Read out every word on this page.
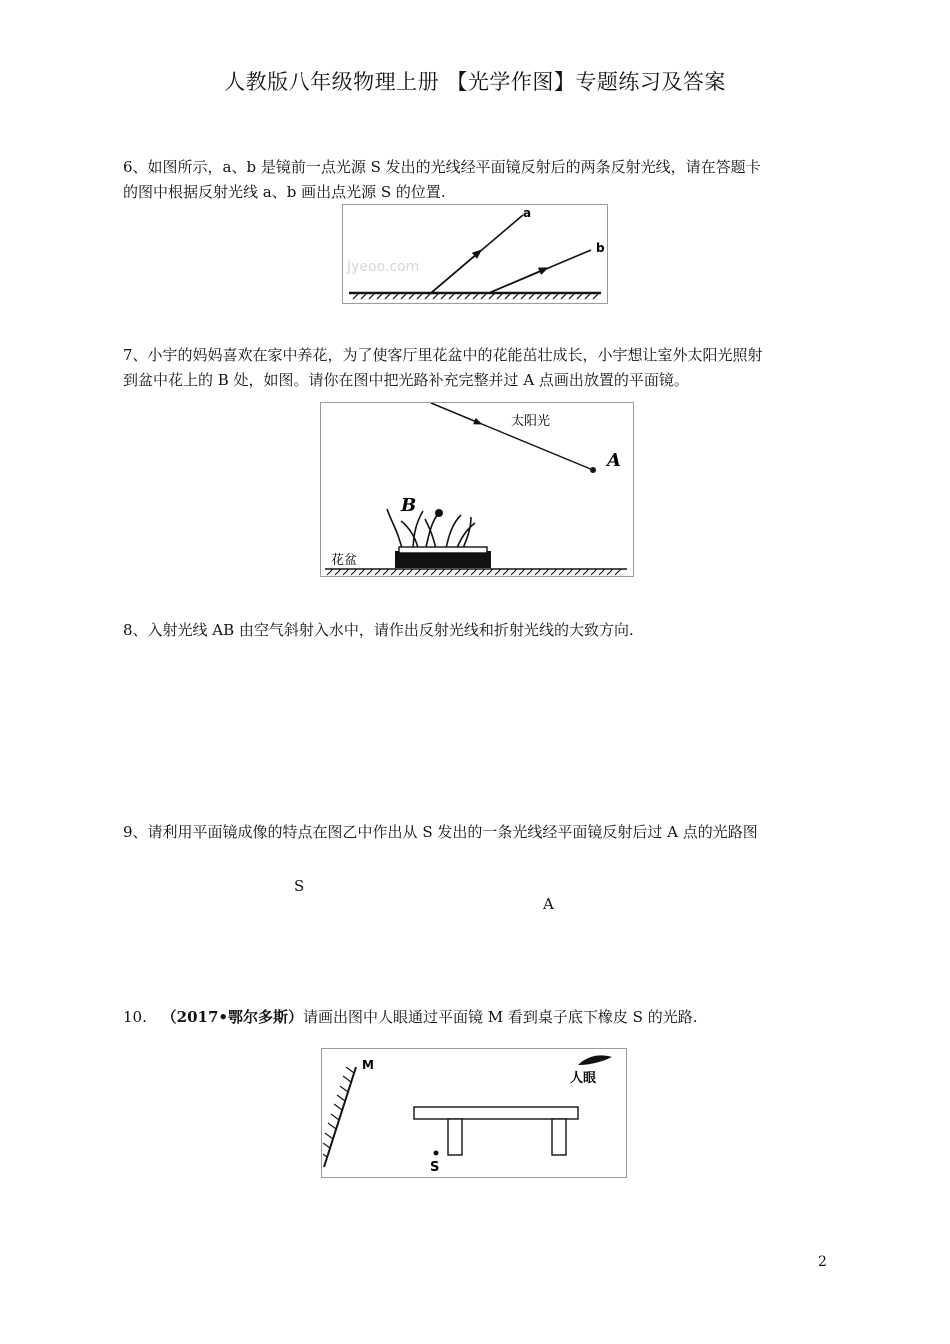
人教版八年级物理上册 【光学作图】专题练习及答案
6、如图所示，a、b 是镜前一点光源 S 发出的光线经平面镜反射后的两条反射光线，请在答题卡
的图中根据反射光线 a、b 画出点光源 S 的位置.
Jyeoo.com
a
b
7、小宇的妈妈喜欢在家中养花，为了使客厅里花盆中的花能茁壮成长，小宇想让室外太阳光照射
到盆中花上的 B 处，如图。请你在图中把光路补充完整并过 A 点画出放置的平面镜。
A
太阳光
B
花盆
8、入射光线 AB 由空气斜射入水中，请作出反射光线和折射光线的大致方向.
9、请利用平面镜成像的特点在图乙中作出从 S 发出的一条光线经平面镜反射后过 A 点的光路图
S
A
10. （2017•鄂尔多斯）请画出图中人眼通过平面镜 M 看到桌子底下橡皮 S 的光路.
M
人眼
S
2
